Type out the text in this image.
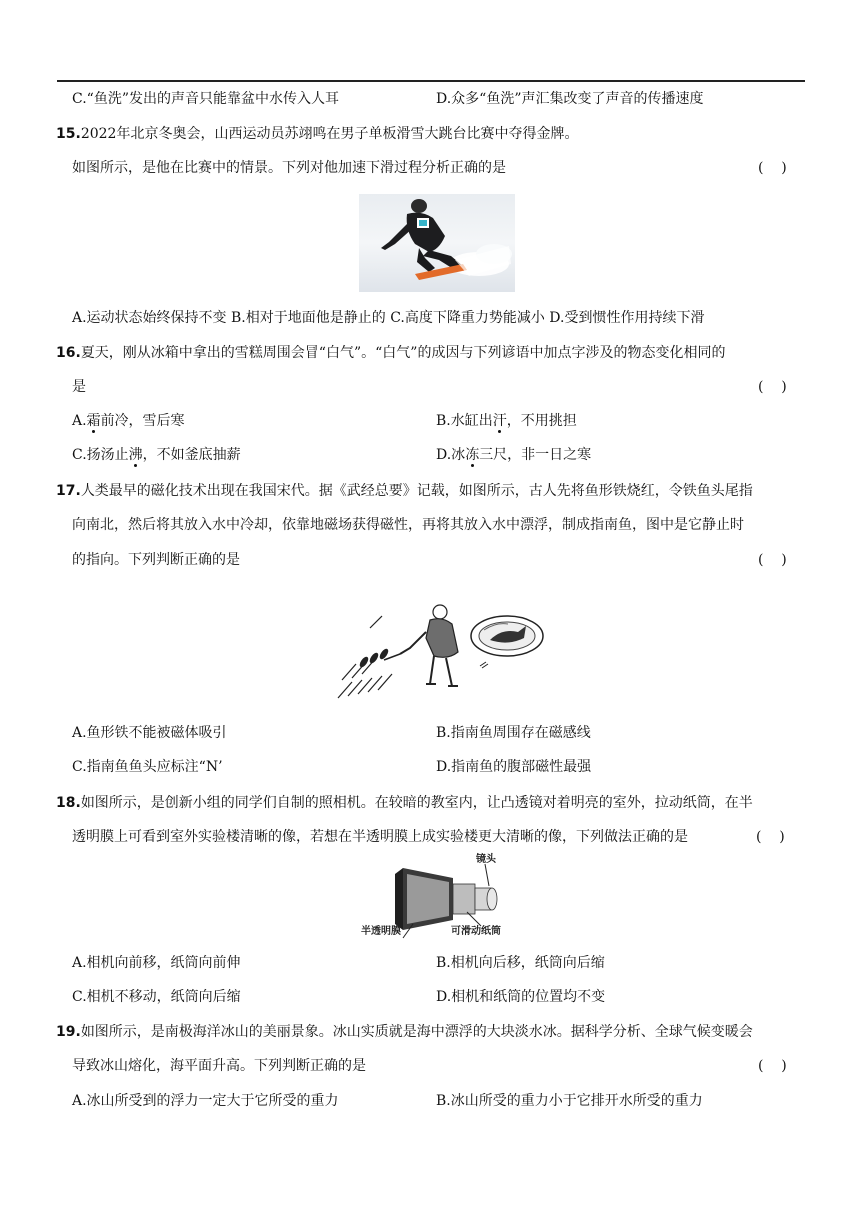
C.“鱼洗”发出的声音只能靠盆中水传入人耳	D.众多“鱼洗”声汇集改变了声音的传播速度
15.2022年北京冬奥会，山西运动员苏翊鸣在男子单板滑雪大跳台比赛中夺得金牌。
如图所示，是他在比赛中的情景。下列对他加速下滑过程分析正确的是	(    )
A.运动状态始终保持不变 B.相对于地面他是静止的 C.高度下降重力势能减小 D.受到惯性作用持续下滑
16.夏天，刚从冰箱中拿出的雪糕周围会冒“白气”。“白气”的成因与下列谚语中加点字涉及的物态变化相同的
是	(    )
A.霜前冷，雪后寒	B.水缸出汗，不用挑担
C.扬汤止沸，不如釜底抽薪	D.冰冻三尺，非一日之寒
17.人类最早的磁化技术出现在我国宋代。据《武经总要》记载，如图所示，古人先将鱼形铁烧红，令铁鱼头尾指
向南北，然后将其放入水中冷却，依靠地磁场获得磁性，再将其放入水中漂浮，制成指南鱼，图中是它静止时
的指向。下列判断正确的是	(    )
A.鱼形铁不能被磁体吸引	B.指南鱼周围存在磁感线
C.指南鱼鱼头应标注“N’	D.指南鱼的腹部磁性最强
18.如图所示，是创新小组的同学们自制的照相机。在较暗的教室内，让凸透镜对着明亮的室外，拉动纸筒，在半
透明膜上可看到室外实验楼清晰的像，若想在半透明膜上成实验楼更大清晰的像，下列做法正确的是	(    )
镜头
半透明膜	可滑动纸筒
A.相机向前移，纸筒向前伸	B.相机向后移，纸筒向后缩
C.相机不移动，纸筒向后缩	D.相机和纸筒的位置均不变
19.如图所示，是南极海洋冰山的美丽景象。冰山实质就是海中漂浮的大块淡水冰。据科学分析、全球气候变暖会
导致冰山熔化，海平面升高。下列判断正确的是	(    )
A.冰山所受到的浮力一定大于它所受的重力	B.冰山所受的重力小于它排开水所受的重力
